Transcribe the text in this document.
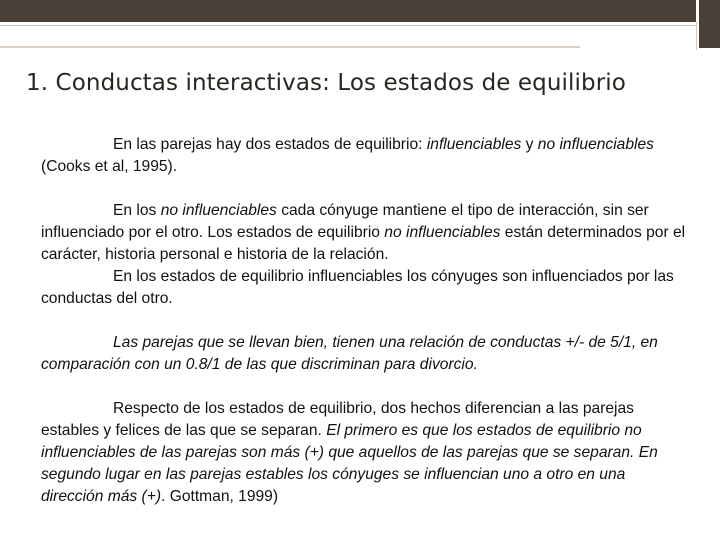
1. Conductas interactivas: Los estados de equilibrio

En las parejas hay dos estados de equilibrio: influenciables y no influenciables (Cooks et al, 1995).

En los no influenciables cada cónyuge mantiene el tipo de interacción, sin ser influenciado por el otro. Los estados de equilibrio no influenciables están determinados por el carácter, historia personal e historia de la relación.

En los estados de equilibrio influenciables los cónyuges son influenciados por las conductas del otro.

Las parejas que se llevan bien, tienen una relación de conductas +/- de 5/1, en comparación con un 0.8/1 de las que discriminan para divorcio.

Respecto de los estados de equilibrio, dos hechos diferencian a las parejas estables y felices de las que se separan. El primero es que los estados de equilibrio no influenciables de las parejas son más (+) que aquellos de las parejas que se separan. En segundo lugar en las parejas estables los cónyuges se influencian uno a otro en una dirección más (+). Gottman, 1999)
